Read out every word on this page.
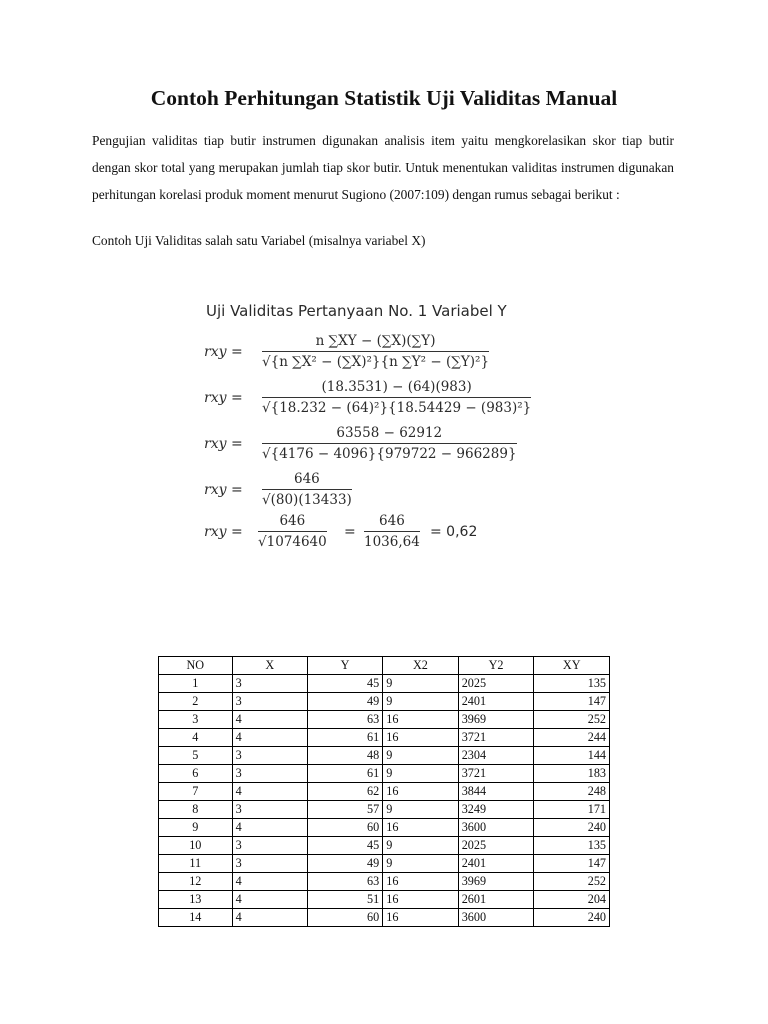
Contoh Perhitungan Statistik Uji Validitas Manual
Pengujian validitas tiap butir instrumen digunakan analisis item yaitu mengkorelasikan skor tiap butir dengan skor total yang merupakan jumlah tiap skor butir. Untuk menentukan validitas instrumen digunakan perhitungan korelasi produk moment menurut Sugiono (2007:109) dengan rumus sebagai berikut :
Contoh Uji Validitas salah satu Variabel (misalnya variabel X)
Uji Validitas Pertanyaan No. 1 Variabel Y
rxy =
n ∑XY − (∑X)(∑Y)
√{n ∑X² − (∑X)²}{n ∑Y² − (∑Y)²}
rxy =
(18.3531) − (64)(983)
√{18.232 − (64)²}{18.54429 − (983)²}
rxy =
63558 − 62912
√{4176 − 4096}{979722 − 966289}
rxy =
646
√(80)(13433)
rxy =
646
√1074640
=
646
1036,64
= 0,62
NO	X	Y	X2	Y2	XY
1	3	45	9	2025	135
2	3	49	9	2401	147
3	4	63	16	3969	252
4	4	61	16	3721	244
5	3	48	9	2304	144
6	3	61	9	3721	183
7	4	62	16	3844	248
8	3	57	9	3249	171
9	4	60	16	3600	240
10	3	45	9	2025	135
11	3	49	9	2401	147
12	4	63	16	3969	252
13	4	51	16	2601	204
14	4	60	16	3600	240
